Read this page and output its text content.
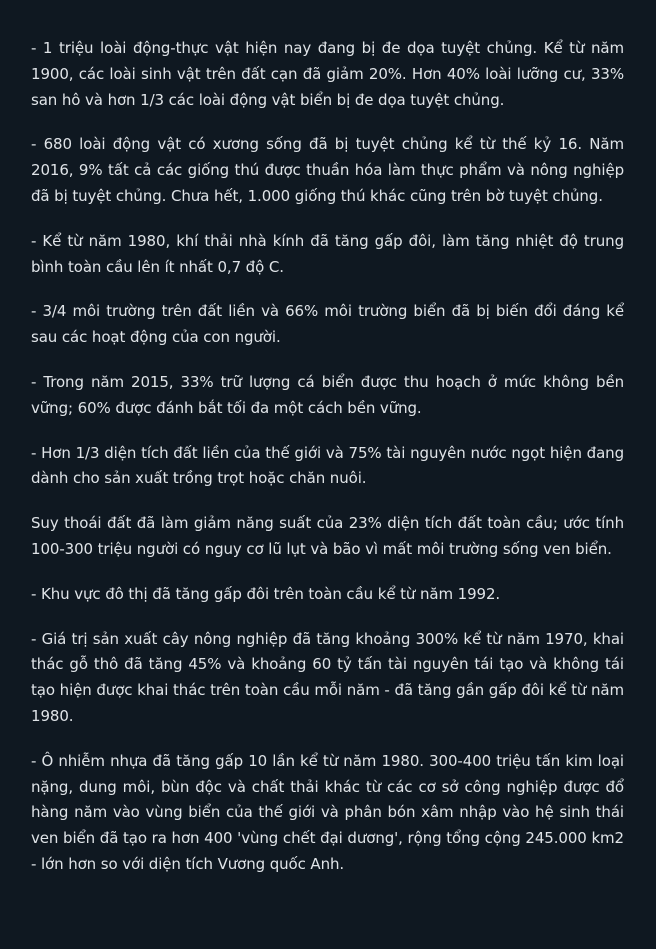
- 1 triệu loài động-thực vật hiện nay đang bị đe dọa tuyệt chủng. Kể từ năm 1900, các loài sinh vật trên đất cạn đã giảm 20%. Hơn 40% loài lưỡng cư, 33% san hô và hơn 1/3 các loài động vật biển bị đe dọa tuyệt chủng.

- 680 loài động vật có xương sống đã bị tuyệt chủng kể từ thế kỷ 16. Năm 2016, 9% tất cả các giống thú được thuần hóa làm thực phẩm và nông nghiệp đã bị tuyệt chủng. Chưa hết, 1.000 giống thú khác cũng trên bờ tuyệt chủng.

- Kể từ năm 1980, khí thải nhà kính đã tăng gấp đôi, làm tăng nhiệt độ trung bình toàn cầu lên ít nhất 0,7 độ C.

- 3/4 môi trường trên đất liền và 66% môi trường biển đã bị biến đổi đáng kể sau các hoạt động của con người.

- Trong năm 2015, 33% trữ lượng cá biển được thu hoạch ở mức không bền vững; 60% được đánh bắt tối đa một cách bền vững.

- Hơn 1/3 diện tích đất liền của thế giới và 75% tài nguyên nước ngọt hiện đang dành cho sản xuất trồng trọt hoặc chăn nuôi.

Suy thoái đất đã làm giảm năng suất của 23% diện tích đất toàn cầu; ước tính 100-300 triệu người có nguy cơ lũ lụt và bão vì mất môi trường sống ven biển.

- Khu vực đô thị đã tăng gấp đôi trên toàn cầu kể từ năm 1992.

- Giá trị sản xuất cây nông nghiệp đã tăng khoảng 300% kể từ năm 1970, khai thác gỗ thô đã tăng 45% và khoảng 60 tỷ tấn tài nguyên tái tạo và không tái tạo hiện được khai thác trên toàn cầu mỗi năm - đã tăng gần gấp đôi kể từ năm 1980.

- Ô nhiễm nhựa đã tăng gấp 10 lần kể từ năm 1980. 300-400 triệu tấn kim loại nặng, dung môi, bùn độc và chất thải khác từ các cơ sở công nghiệp được đổ hàng năm vào vùng biển của thế giới và phân bón xâm nhập vào hệ sinh thái ven biển đã tạo ra hơn 400 'vùng chết đại dương', rộng tổng cộng 245.000 km2 - lớn hơn so với diện tích Vương quốc Anh.
